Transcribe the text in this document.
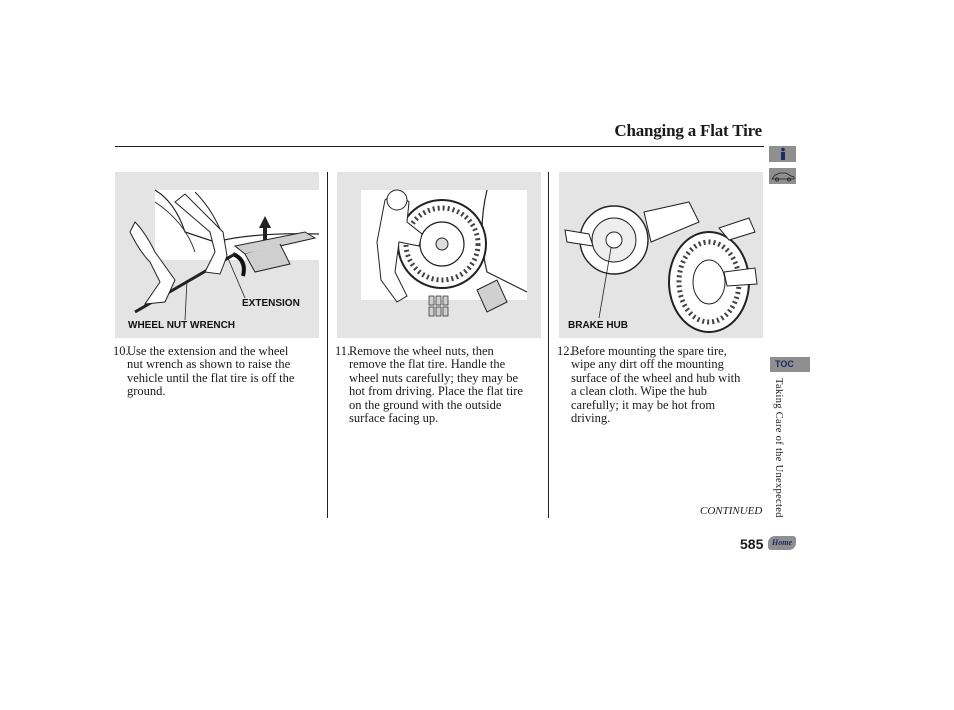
Changing a Flat Tire
EXTENSION
WHEEL NUT WRENCH	BRAKE HUB
10.
Use the extension and the wheel
nut wrench as shown to raise the
vehicle until the flat tire is off the
ground.
11.
Remove the wheel nuts, then
remove the flat tire. Handle the
wheel nuts carefully; they may be
hot from driving. Place the flat tire
on the ground with the outside
surface facing up.
12.
Before mounting the spare tire,
wipe any dirt off the mounting
surface of the wheel and hub with
a clean cloth. Wipe the hub
carefully; it may be hot from
driving.
CONTINUED
585
TOC
Taking Care of the Unexpected
Home
